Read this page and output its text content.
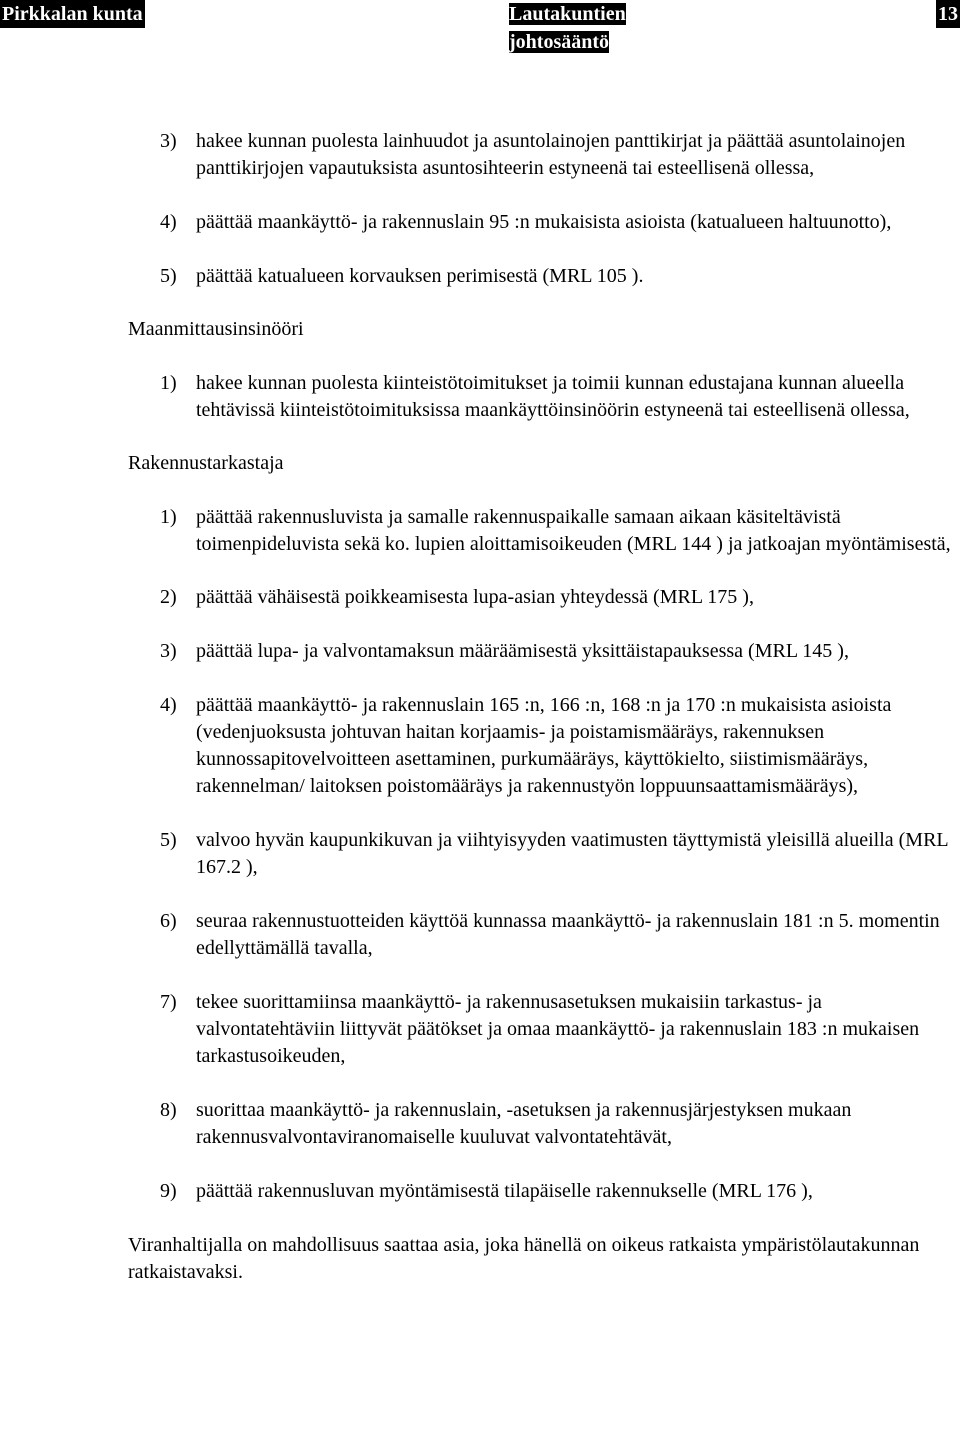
Pirkkalan kunta	Lautakuntien
johtosääntö
13
3) hakee kunnan puolesta lainhuudot ja asuntolainojen panttikirjat ja päättää asuntolainojen panttikirjojen vapautuksista asuntosihteerin estyneenä tai esteellisenä ollessa,
4) päättää maankäyttö- ja rakennuslain 95 :n mukaisista asioista (katualueen haltuunotto),
5) päättää katualueen korvauksen perimisestä (MRL 105 ).

Maanmittausinsinööri

1) hakee kunnan puolesta kiinteistötoimitukset ja toimii kunnan edustajana kunnan alueella tehtävissä kiinteistötoimituksissa maankäyttöinsinöörin estyneenä tai esteellisenä ollessa,

Rakennustarkastaja

1) päättää rakennusluvista ja samalle rakennuspaikalle samaan aikaan käsiteltävistä toimenpideluvista sekä ko. lupien aloittamisoikeuden (MRL 144 ) ja jatkoajan myöntämisestä,
2) päättää vähäisestä poikkeamisesta lupa-asian yhteydessä (MRL 175 ),
3) päättää lupa- ja valvontamaksun määräämisestä yksittäistapauksessa (MRL 145 ),
4) päättää maankäyttö- ja rakennuslain 165 :n, 166 :n, 168 :n ja 170 :n mukaisista asioista (vedenjuoksusta johtuvan haitan korjaamis- ja poistamismääräys, rakennuksen kunnossapitovelvoitteen asettaminen, purkumääräys, käyttökielto, siistimismääräys, rakennelman/ laitoksen poistomääräys ja rakennustyön loppuunsaattamismääräys),
5) valvoo hyvän kaupunkikuvan ja viihtyisyyden vaatimusten täyttymistä yleisillä alueilla (MRL 167.2 ),
6) seuraa rakennustuotteiden käyttöä kunnassa maankäyttö- ja rakennuslain 181 :n 5. momentin edellyttämällä tavalla,
7) tekee suorittamiinsa maankäyttö- ja rakennusasetuksen mukaisiin tarkastus- ja valvontatehtäviin liittyvät päätökset ja omaa maankäyttö- ja rakennuslain 183 :n mukaisen tarkastusoikeuden,
8) suorittaa maankäyttö- ja rakennuslain, -asetuksen ja rakennusjärjestyksen mukaan rakennusvalvontaviranomaiselle kuuluvat valvontatehtävät,
9) päättää rakennusluvan myöntämisestä tilapäiselle rakennukselle (MRL 176 ),

Viranhaltijalla on mahdollisuus saattaa asia, joka hänellä on oikeus ratkaista ympäristölautakunnan ratkaistavaksi.
